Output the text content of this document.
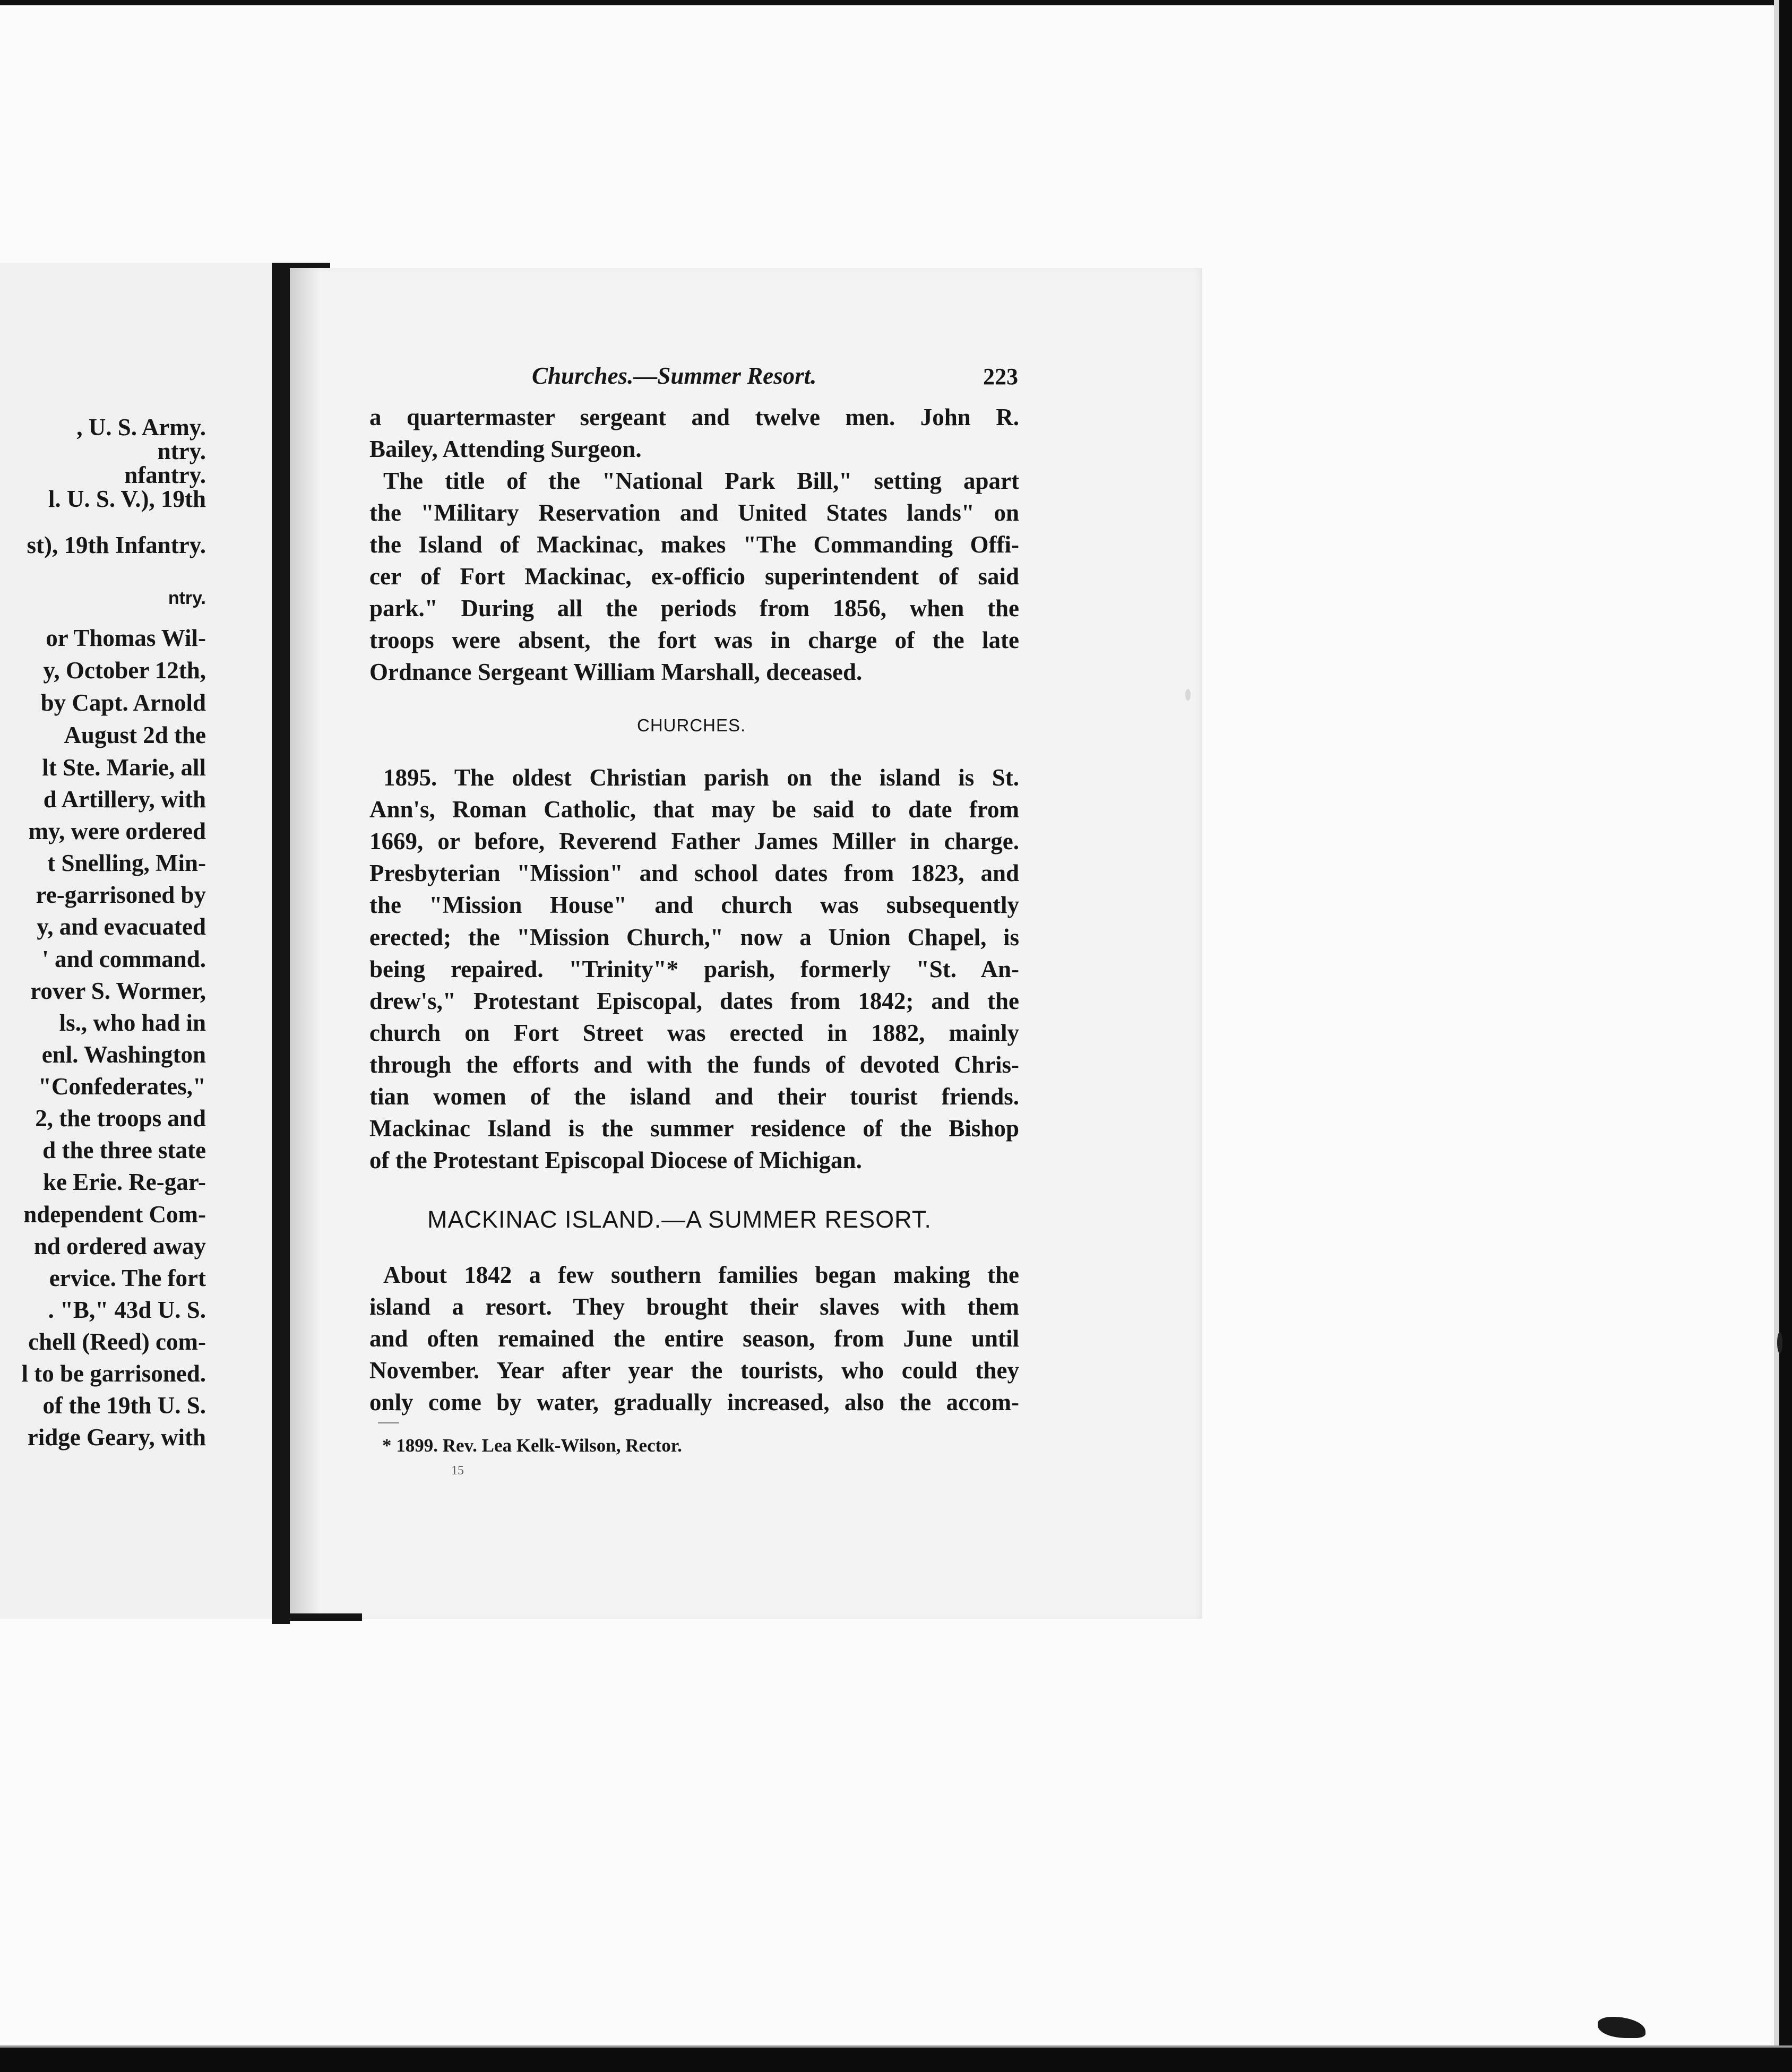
, U. S. Army.
ntry.
nfantry.
l. U. S. V.), 19th
st), 19th Infantry.
ntry.
or Thomas Wil-
y, October 12th,
by Capt. Arnold
August 2d the
lt Ste. Marie, all
d Artillery, with
my, were ordered
t Snelling, Min-
re-garrisoned by
y, and evacuated
' and command.
rover S. Wormer,
ls., who had in
enl. Washington
"Confederates,"
2, the troops and
d the three state
ke Erie. Re-gar-
ndependent Com-
nd ordered away
ervice. The fort
. "B," 43d U. S.
chell (Reed) com-
l to be garrisoned.
of the 19th U. S.
ridge Geary, with
Churches.—Summer Resort.	223
a quartermaster sergeant and twelve men. John R.
Bailey, Attending Surgeon.
The title of the "National Park Bill," setting apart
the "Military Reservation and United States lands" on
the Island of Mackinac, makes "The Commanding Offi-
cer of Fort Mackinac, ex-officio superintendent of said
park." During all the periods from 1856, when the
troops were absent, the fort was in charge of the late
Ordnance Sergeant William Marshall, deceased.
CHURCHES.
1895. The oldest Christian parish on the island is St.
Ann's, Roman Catholic, that may be said to date from
1669, or before, Reverend Father James Miller in charge.
Presbyterian "Mission" and school dates from 1823, and
the "Mission House" and church was subsequently
erected; the "Mission Church," now a Union Chapel, is
being repaired. "Trinity"* parish, formerly "St. An-
drew's," Protestant Episcopal, dates from 1842; and the
church on Fort Street was erected in 1882, mainly
through the efforts and with the funds of devoted Chris-
tian women of the island and their tourist friends.
Mackinac Island is the summer residence of the Bishop
of the Protestant Episcopal Diocese of Michigan.
MACKINAC ISLAND.—A SUMMER RESORT.
About 1842 a few southern families began making the
island a resort. They brought their slaves with them
and often remained the entire season, from June until
November. Year after year the tourists, who could they
only come by water, gradually increased, also the accom-
* 1899. Rev. Lea Kelk-Wilson, Rector.
15
